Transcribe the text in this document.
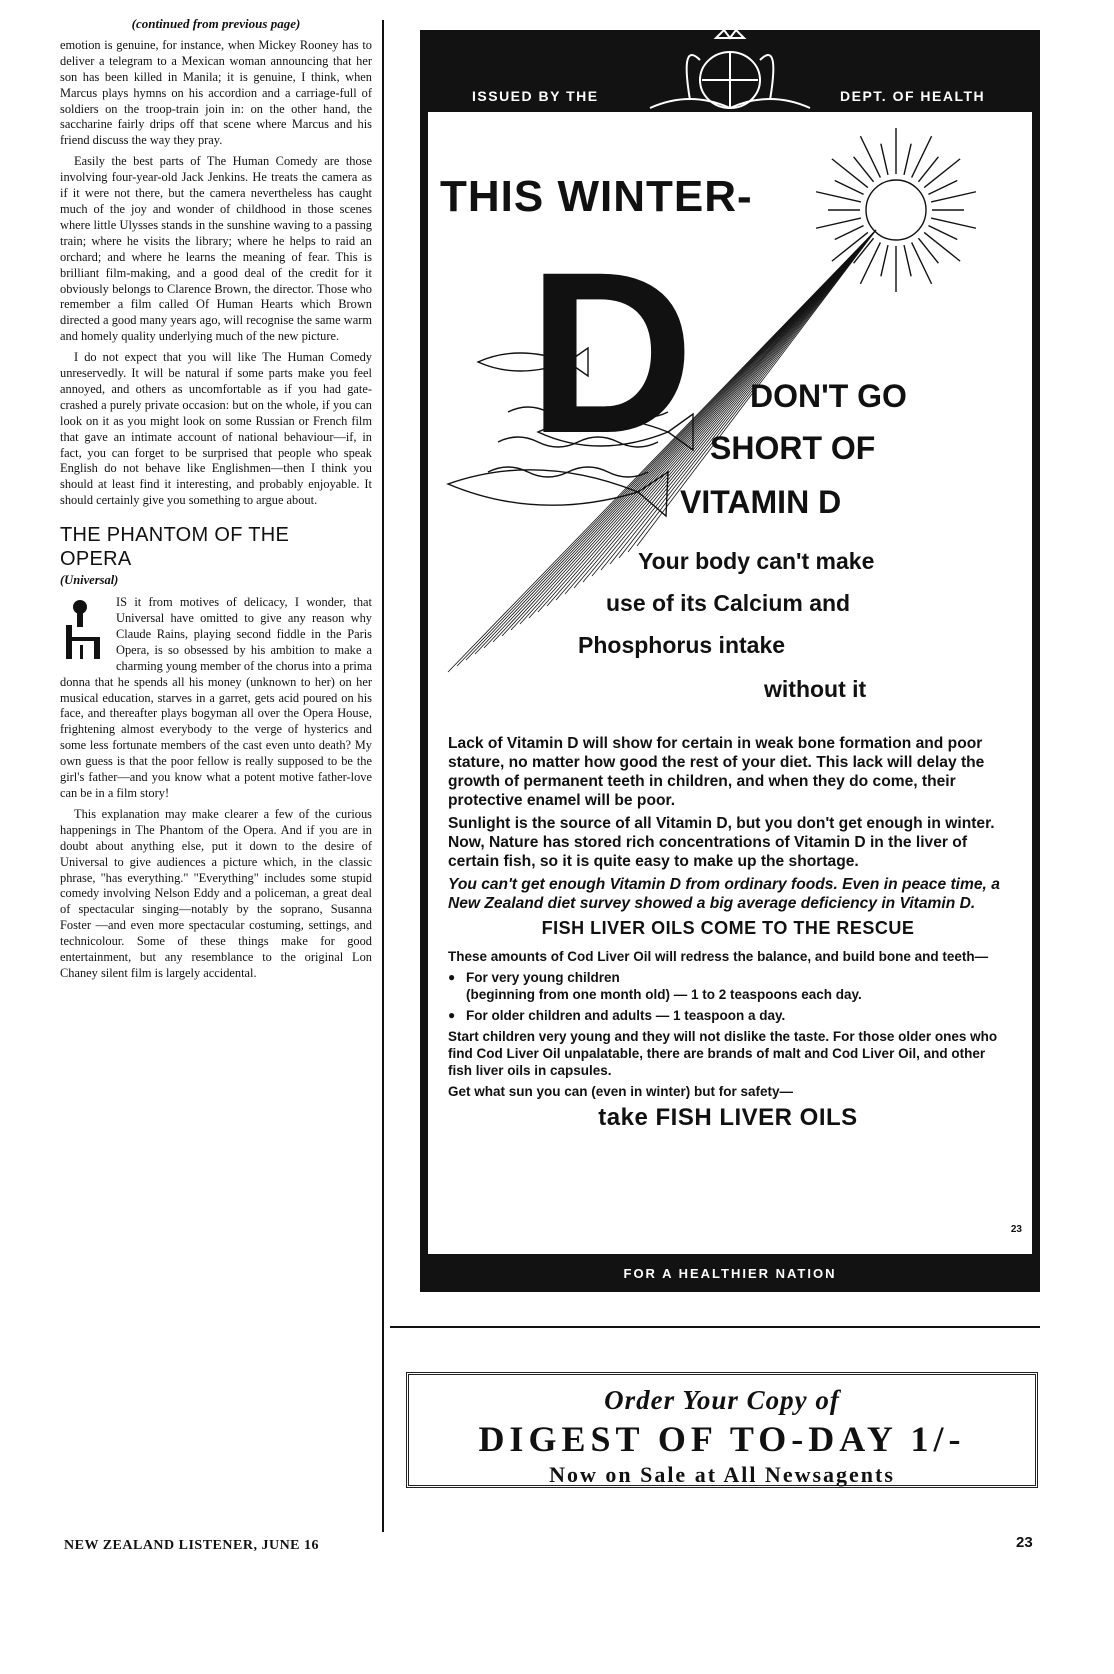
(continued from previous page)

emotion is genuine, for instance, when Mickey Rooney has to deliver a telegram to a Mexican woman announcing that her son has been killed in Manila; it is genuine, I think, when Marcus plays hymns on his accordion and a carriage-full of soldiers on the troop-train join in: on the other hand, the saccharine fairly drips off that scene where Marcus and his friend discuss the way they pray.

Easily the best parts of The Human Comedy are those involving four-year-old Jack Jenkins. He treats the camera as if it were not there, but the camera nevertheless has caught much of the joy and wonder of childhood in those scenes where little Ulysses stands in the sunshine waving to a passing train; where he visits the library; where he helps to raid an orchard; and where he learns the meaning of fear. This is brilliant film-making, and a good deal of the credit for it obviously belongs to Clarence Brown, the director. Those who remember a film called Of Human Hearts which Brown directed a good many years ago, will recognise the same warm and homely quality underlying much of the new picture.

I do not expect that you will like The Human Comedy unreservedly. It will be natural if some parts make you feel annoyed, and others as uncomfortable as if you had gate-crashed a purely private occasion: but on the whole, if you can look on it as you might look on some Russian or French film that gave an intimate account of national behaviour—if, in fact, you can forget to be surprised that people who speak English do not behave like Englishmen—then I think you should at least find it interesting, and probably enjoyable. It should certainly give you something to argue about.

THE PHANTOM OF THE OPERA
(Universal)

IS it from motives of delicacy, I wonder, that Universal have omitted to give any reason why Claude Rains, playing second fiddle in the Paris Opera, is so obsessed by his ambition to make a charming young member of the chorus into a prima donna that he spends all his money (unknown to her) on her musical education, starves in a garret, gets acid poured on his face, and thereafter plays bogyman all over the Opera House, frightening almost everybody to the verge of hysterics and some less fortunate members of the cast even unto death? My own guess is that the poor fellow is really supposed to be the girl's father—and you know what a potent motive father-love can be in a film story!

This explanation may make clearer a few of the curious happenings in The Phantom of the Opera. And if you are in doubt about anything else, put it down to the desire of Universal to give audiences a picture which, in the classic phrase, "has everything." "Everything" includes some stupid comedy involving Nelson Eddy and a policeman, a great deal of spectacular singing—notably by the soprano, Susanna Foster —and even more spectacular costuming, settings, and technicolour. Some of these things make for good entertainment, but any resemblance to the original Lon Chaney silent film is largely accidental.

NEW ZEALAND LISTENER, JUNE 16
ISSUED BY THE	DEPT. OF HEALTH
THIS WINTER-
D DON'T GO
SHORT OF
VITAMIN D
Your body can't make
use of its Calcium and
Phosphorus intake
without it

Lack of Vitamin D will show for certain in weak bone formation and poor stature, no matter how good the rest of your diet. This lack will delay the growth of permanent teeth in children, and when they do come, their protective enamel will be poor.

Sunlight is the source of all Vitamin D, but you don't get enough in winter. Now, Nature has stored rich concentrations of Vitamin D in the liver of certain fish, so it is quite easy to make up the shortage.

You can't get enough Vitamin D from ordinary foods. Even in peace time, a New Zealand diet survey showed a big average deficiency in Vitamin D.

FISH LIVER OILS COME TO THE RESCUE

These amounts of Cod Liver Oil will redress the balance, and build bone and teeth—

● For very young children

(beginning from one month old) — 1 to 2 teaspoons each day.

● For older children and adults — 1 teaspoon a day.

Start children very young and they will not dislike the taste. For those older ones who find Cod Liver Oil unpalatable, there are brands of malt and Cod Liver Oil, and other fish liver oils in capsules.

Get what sun you can (even in winter) but for safety—

take FISH LIVER OILS

23
FOR A HEALTHIER NATION
Order Your Copy of
DIGEST OF TO-DAY 1/-
Now on Sale at All Newsagents
23
